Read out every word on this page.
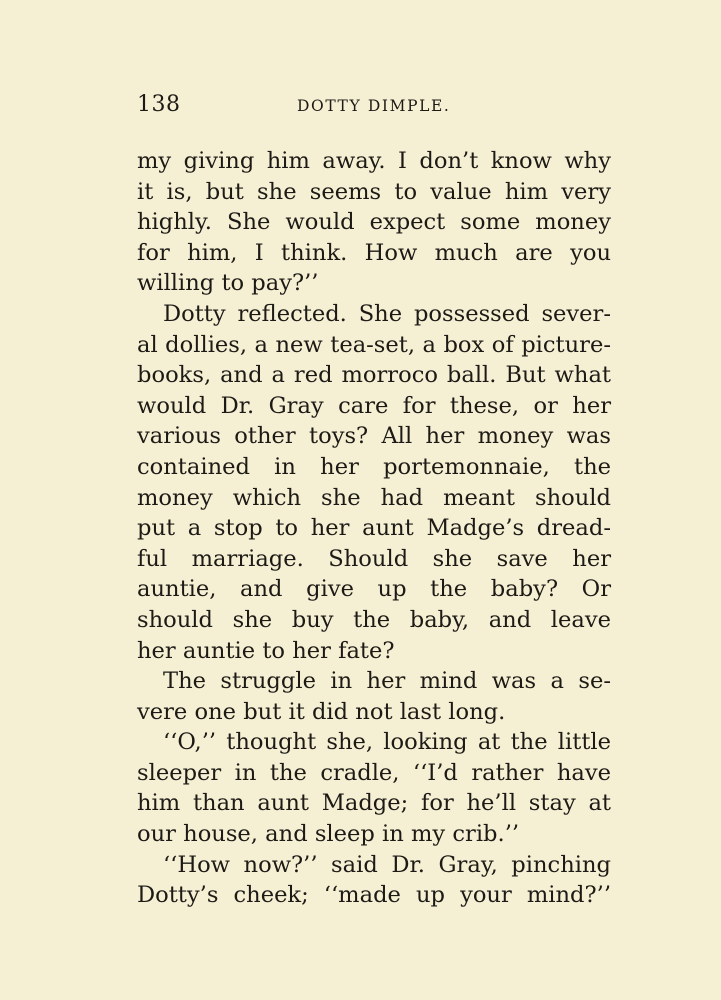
138	DOTTY DIMPLE.
my giving him away. I don’t know why
it is, but she seems to value him very
highly. She would expect some money
for him, I think. How much are you
willing to pay?’’
Dotty reflected. She possessed sever-
al dollies, a new tea-set, a box of picture-
books, and a red morroco ball. But what
would Dr. Gray care for these, or her
various other toys? All her money was
contained in her portemonnaie, the
money which she had meant should
put a stop to her aunt Madge’s dread-
ful marriage. Should she save her
auntie, and give up the baby? Or
should she buy the baby, and leave
her auntie to her fate?
The struggle in her mind was a se-
vere one but it did not last long.
‘‘O,’’ thought she, looking at the little
sleeper in the cradle, ‘‘I’d rather have
him than aunt Madge; for he’ll stay at
our house, and sleep in my crib.’’
‘‘How now?’’ said Dr. Gray, pinching
Dotty’s cheek; ‘‘made up your mind?’’
